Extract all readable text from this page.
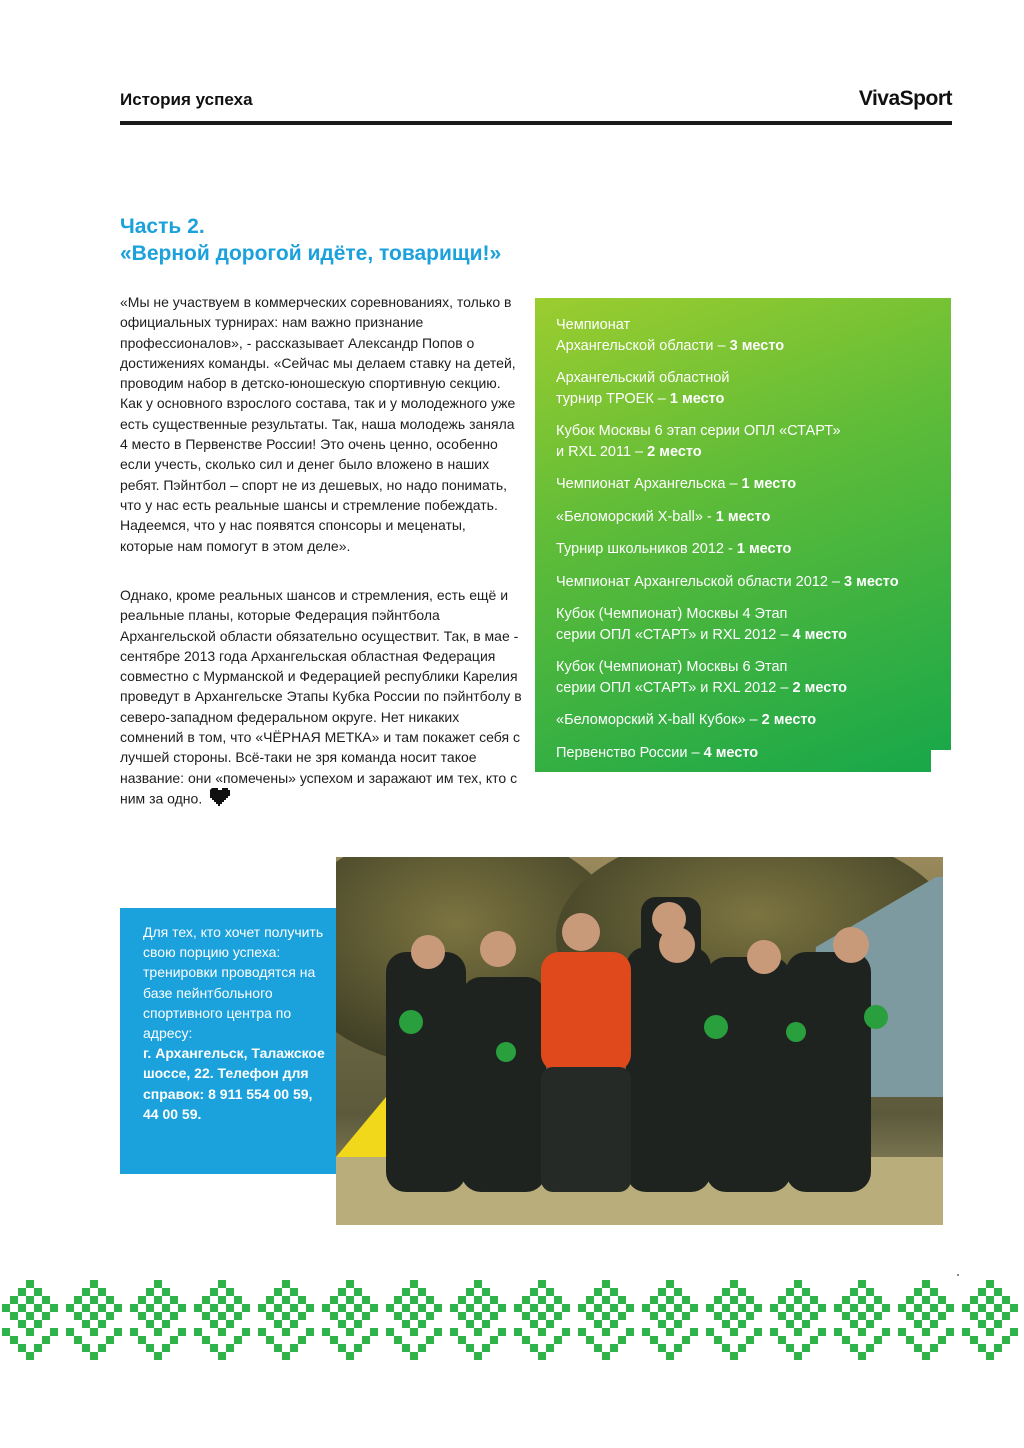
История успеха	VivaSport
Часть 2.
«Верной дорогой идёте, товарищи!»
«Мы не участвуем в коммерческих соревнованиях, только в официальных турнирах: нам важно признание профессионалов», - рассказывает Александр Попов о достижениях команды. «Сейчас мы делаем ставку на детей, проводим набор в детско-юношескую спортивную секцию. Как у основного взрослого состава, так и у молодежного уже есть существенные результаты. Так, наша молодежь заняла 4 место в Первенстве России! Это очень ценно, особенно если учесть, сколько сил и денег было вложено в наших ребят. Пэйнтбол – спорт не из дешевых, но надо понимать, что у нас есть реальные шансы и стремление побеждать. Надеемся, что у нас появятся спонсоры и меценаты, которые нам помогут в этом деле».
Однако, кроме реальных шансов и стремления, есть ещё и реальные планы, которые Федерация пэйнтбола Архангельской области обязательно осуществит. Так, в мае - сентябре 2013 года Архангельская областная Федерация совместно с Мурманской и Федерацией республики Карелия проведут в Архангельске Этапы Кубка России по пэйнтболу в северо-западном федеральном округе. Нет никаких сомнений в том, что «ЧЁРНАЯ МЕТКА» и там покажет себя с лучшей стороны. Всё-таки не зря команда носит такое название: они «помечены» успехом и заражают им тех, кто с ним за одно.
Чемпионат
Архангельской области – 3 место
Архангельский областной
турнир ТРОЕК – 1 место
Кубок Москвы 6 этап серии ОПЛ «СТАРТ»
и RXL 2011 – 2 место
Чемпионат Архангельска – 1 место
«Беломорский X-ball» - 1 место
Турнир школьников 2012 - 1 место
Чемпионат Архангельской области 2012 – 3 место
Кубок (Чемпионат) Москвы 4 Этап
серии ОПЛ «СТАРТ» и RXL 2012 – 4 место
Кубок (Чемпионат) Москвы 6 Этап
серии ОПЛ «СТАРТ» и RXL 2012 – 2 место
«Беломорский X-ball Кубок» – 2 место
Первенство России – 4 место
Для тех, кто хочет получить свою порцию успеха: тренировки проводятся на базе пейнтбольного спортивного центра по адресу:
г. Архангельск, Талажское шоссе, 22. Телефон для справок: 8 911 554 00 59, 44 00 59.
